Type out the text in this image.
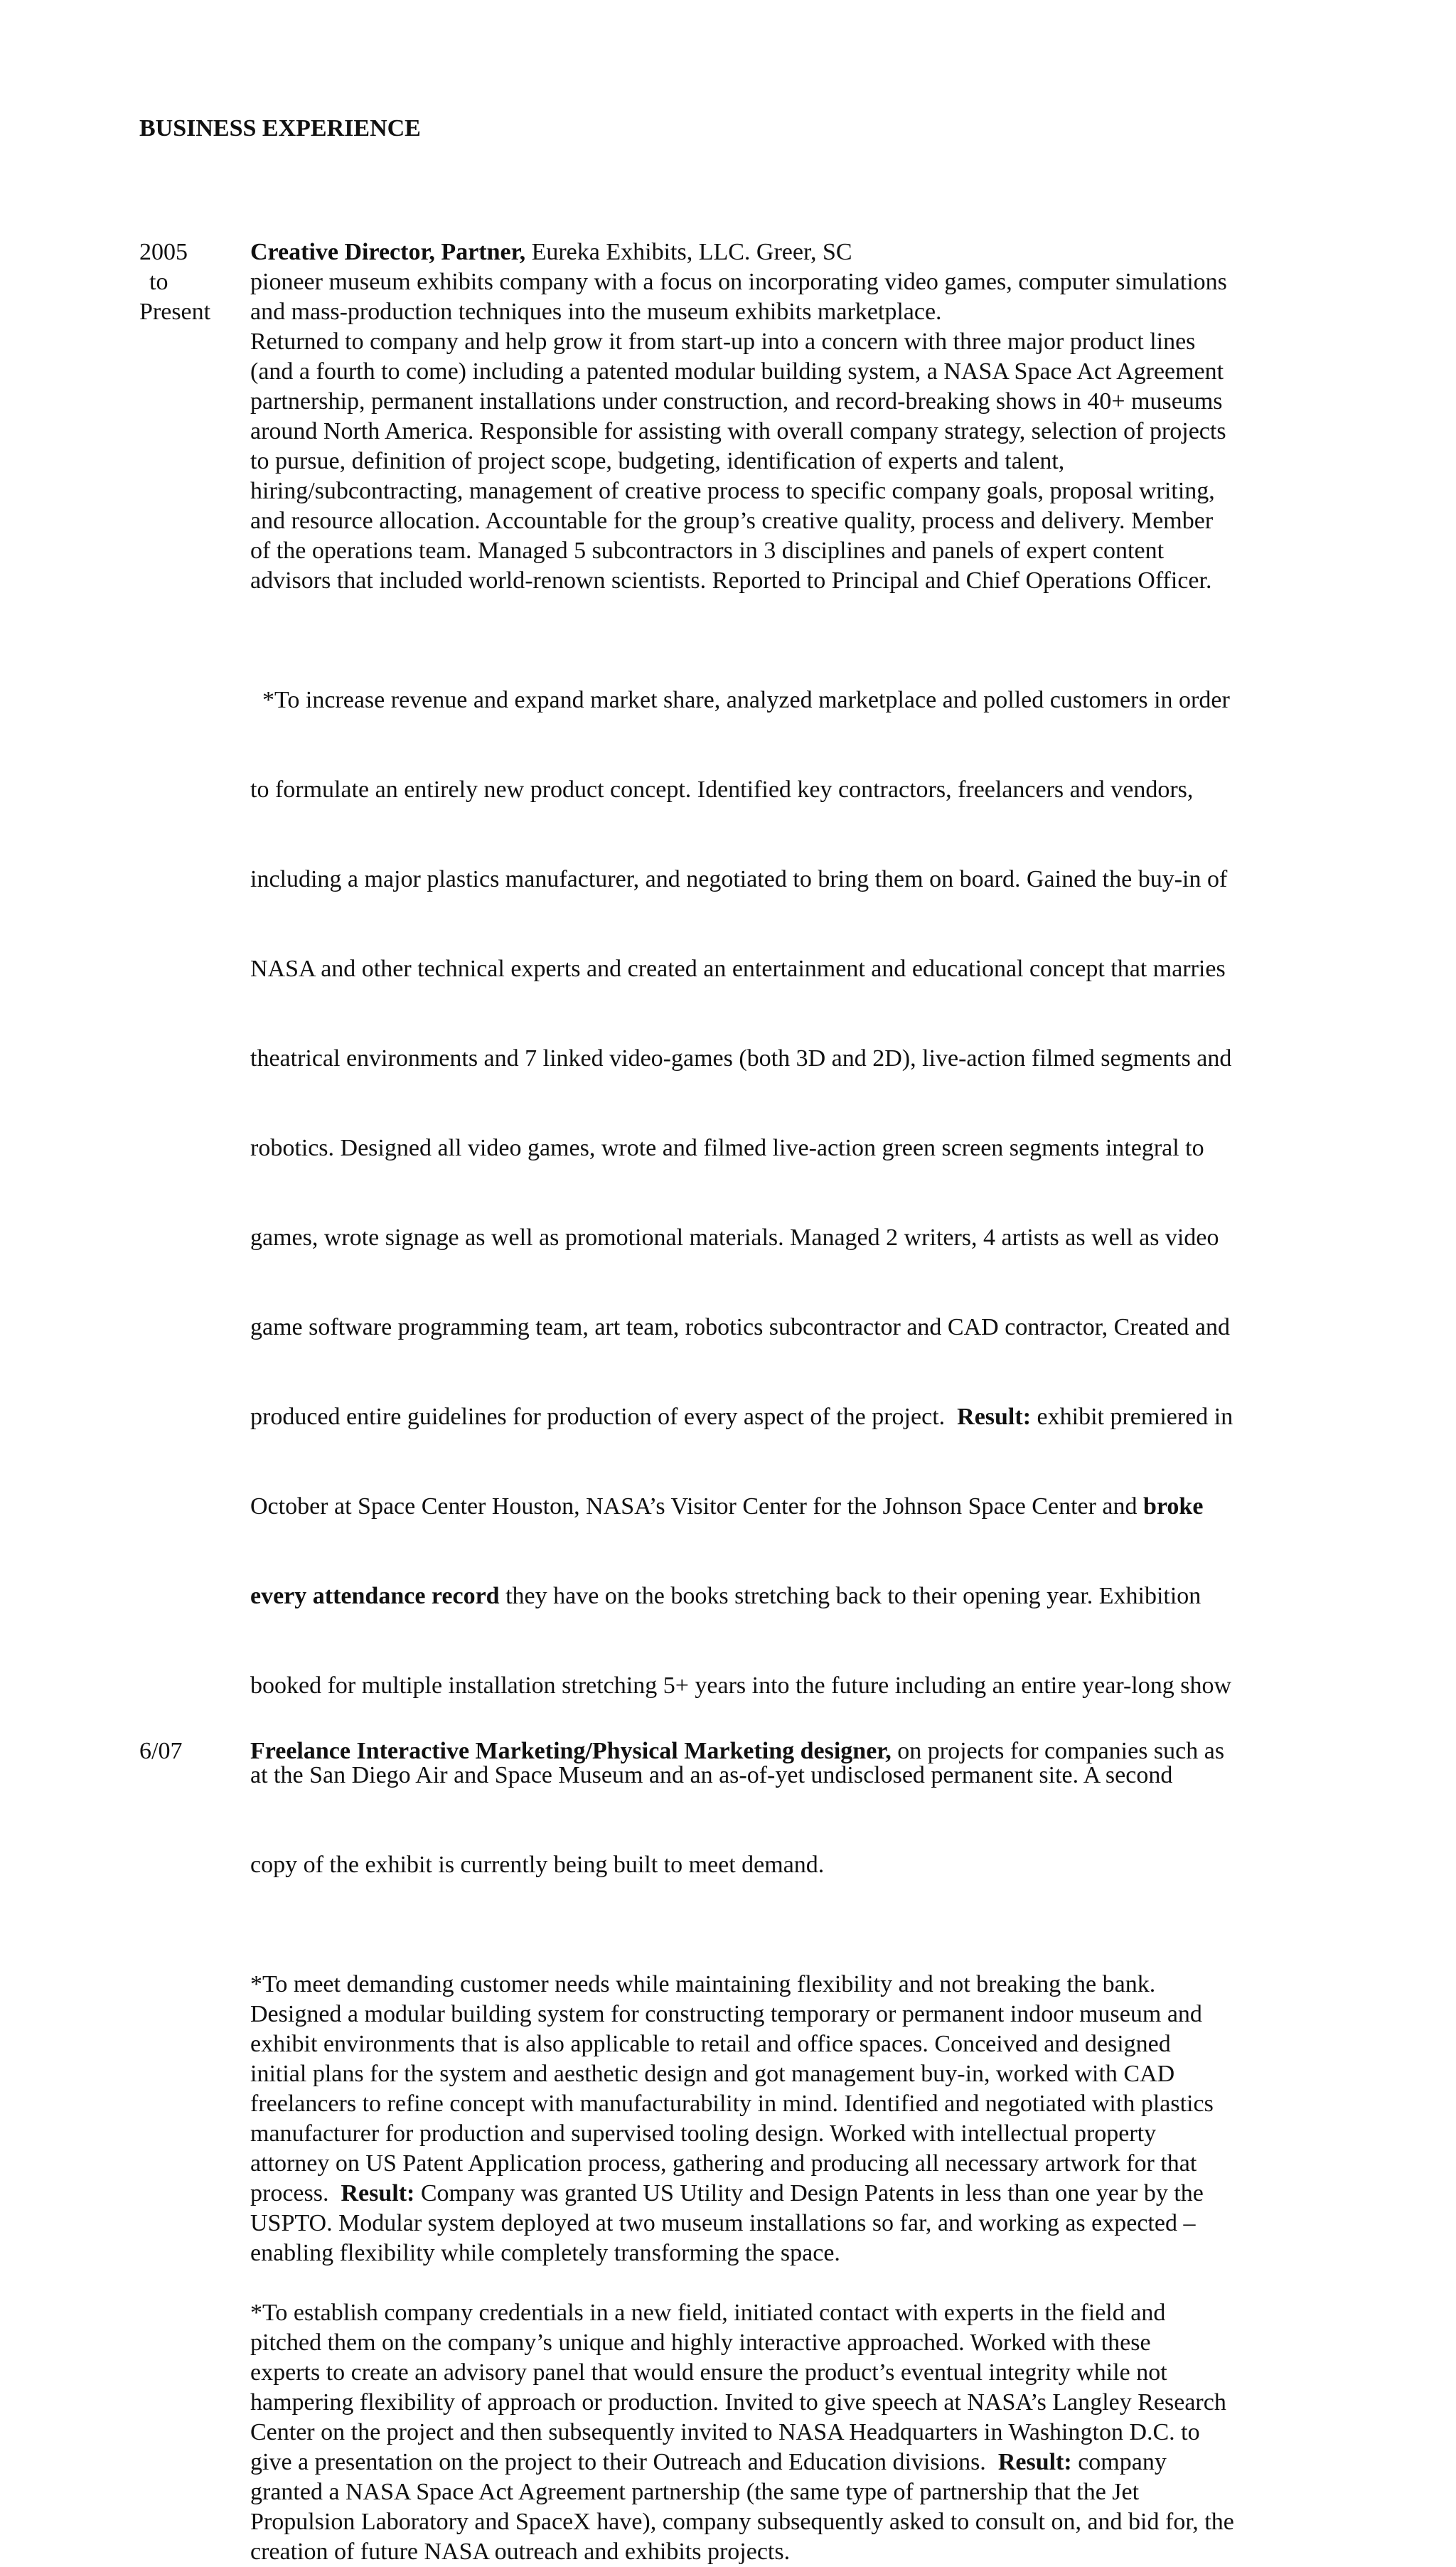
BUSINESS EXPERIENCE
2005
to
Present
Creative Director, Partner, Eureka Exhibits, LLC. Greer, SC
pioneer museum exhibits company with a focus on incorporating video games, computer simulations
and mass-production techniques into the museum exhibits marketplace.
Returned to company and help grow it from start-up into a concern with three major product lines
(and a fourth to come) including a patented modular building system, a NASA Space Act Agreement
partnership, permanent installations under construction, and record-breaking shows in 40+ museums
around North America. Responsible for assisting with overall company strategy, selection of projects
to pursue, definition of project scope, budgeting, identification of experts and talent,
hiring/subcontracting, management of creative process to specific company goals, proposal writing,
and resource allocation. Accountable for the group’s creative quality, process and delivery. Member
of the operations team. Managed 5 subcontractors in 3 disciplines and panels of expert content
advisors that included world-renown scientists. Reported to Principal and Chief Operations Officer.

*To increase revenue and expand market share, analyzed marketplace and polled customers in order

to formulate an entirely new product concept. Identified key contractors, freelancers and vendors,

including a major plastics manufacturer, and negotiated to bring them on board. Gained the buy-in of

NASA and other technical experts and created an entertainment and educational concept that marries

theatrical environments and 7 linked video-games (both 3D and 2D), live-action filmed segments and

robotics. Designed all video games, wrote and filmed live-action green screen segments integral to

games, wrote signage as well as promotional materials. Managed 2 writers, 4 artists as well as video

game software programming team, art team, robotics subcontractor and CAD contractor, Created and

produced entire guidelines for production of every aspect of the project.  Result: exhibit premiered in

October at Space Center Houston, NASA’s Visitor Center for the Johnson Space Center and broke

every attendance record they have on the books stretching back to their opening year. Exhibition

booked for multiple installation stretching 5+ years into the future including an entire year-long show

at the San Diego Air and Space Museum and an as-of-yet undisclosed permanent site. A second

copy of the exhibit is currently being built to meet demand.

*To meet demanding customer needs while maintaining flexibility and not breaking the bank.
Designed a modular building system for constructing temporary or permanent indoor museum and
exhibit environments that is also applicable to retail and office spaces. Conceived and designed
initial plans for the system and aesthetic design and got management buy-in, worked with CAD
freelancers to refine concept with manufacturability in mind. Identified and negotiated with plastics
manufacturer for production and supervised tooling design. Worked with intellectual property
attorney on US Patent Application process, gathering and producing all necessary artwork for that
process.  Result: Company was granted US Utility and Design Patents in less than one year by the
USPTO. Modular system deployed at two museum installations so far, and working as expected –
enabling flexibility while completely transforming the space.
*To establish company credentials in a new field, initiated contact with experts in the field and
pitched them on the company’s unique and highly interactive approached. Worked with these
experts to create an advisory panel that would ensure the product’s eventual integrity while not
hampering flexibility of approach or production. Invited to give speech at NASA’s Langley Research
Center on the project and then subsequently invited to NASA Headquarters in Washington D.C. to
give a presentation on the project to their Outreach and Education divisions.  Result: company
granted a NASA Space Act Agreement partnership (the same type of partnership that the Jet
Propulsion Laboratory and SpaceX have), company subsequently asked to consult on, and bid for, the
creation of future NASA outreach and exhibits projects.
6/07	Freelance Interactive Marketing/Physical Marketing designer, on projects for companies such as
